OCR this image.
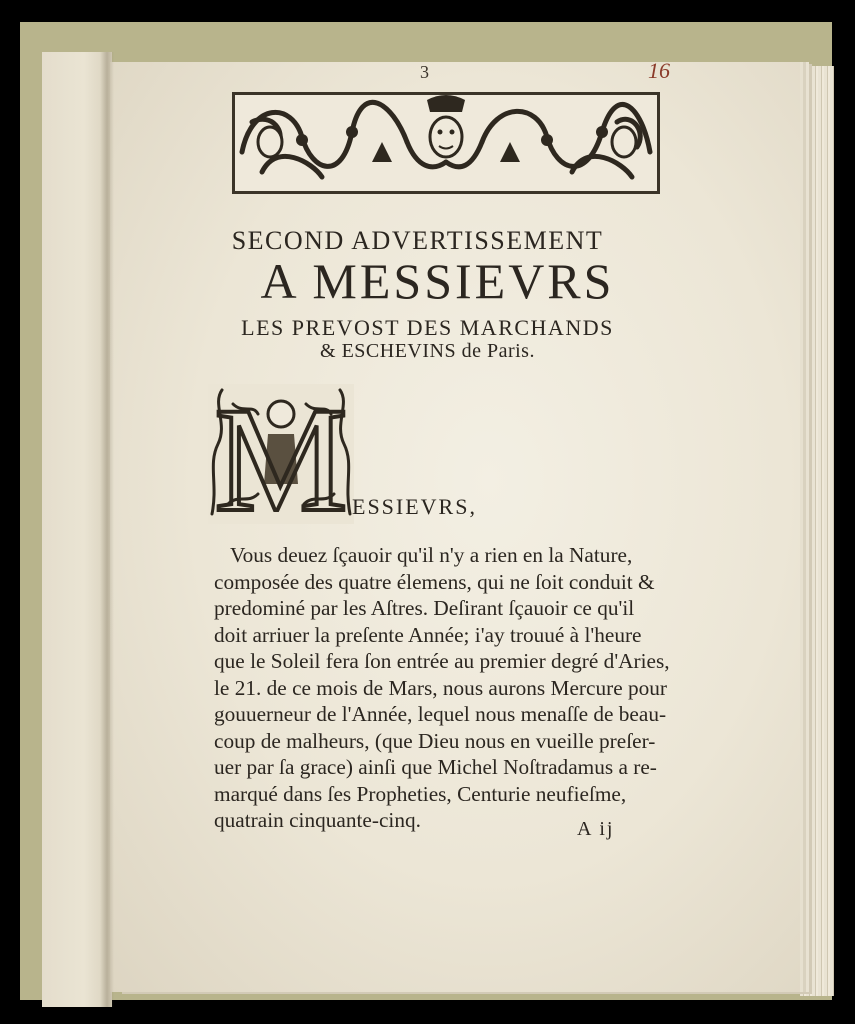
3	16
SECOND ADVERTISSEMENT
A MESSIEVRS
LES PREVOST DES MARCHANDS
& ESCHEVINS de Paris.
M ESSIEVRS,
Vous deuez ſçauoir qu'il n'y a rien en la Nature,
composée des quatre élemens, qui ne ſoit conduit &
predominé par les Aſtres. Deſirant ſçauoir ce qu'il
doit arriuer la preſente Année; i'ay trouué à l'heure
que le Soleil fera ſon entrée au premier degré d'Aries,
le 21. de ce mois de Mars, nous aurons Mercure pour
gouuerneur de l'Année, lequel nous menaſſe de beau-
coup de malheurs, (que Dieu nous en vueille preſer-
uer par ſa grace) ainſi que Michel Noſtradamus a re-
marqué dans ſes Propheties, Centurie neufieſme,
quatrain cinquante-cinq.	A ij
